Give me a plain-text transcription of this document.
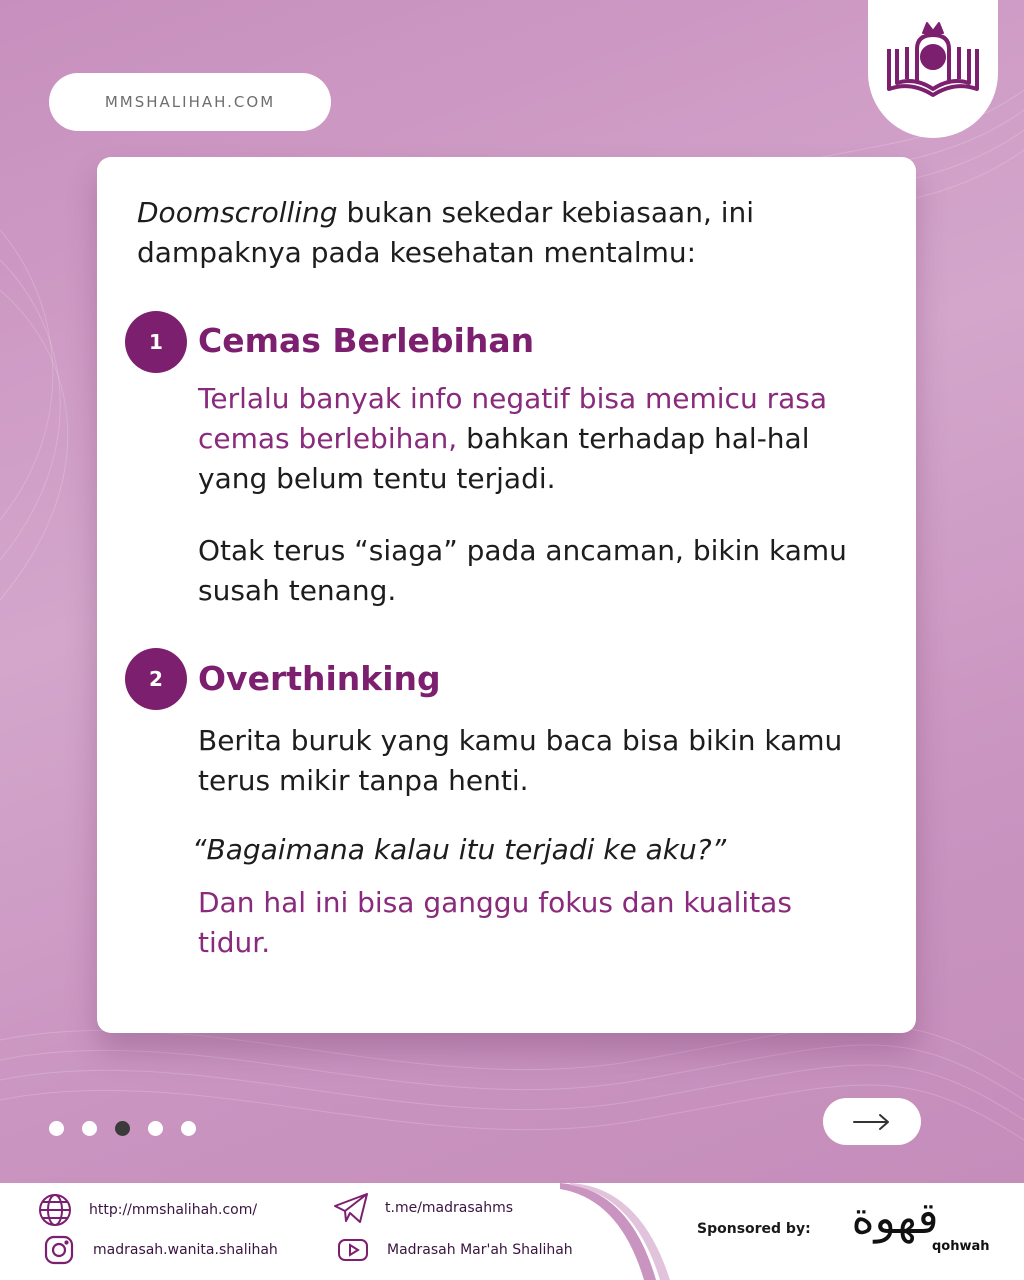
MMSHALIHAH.COM

Doomscrolling bukan sekedar kebiasaan, ini dampaknya pada kesehatan mentalmu:

1 Cemas Berlebihan

Terlalu banyak info negatif bisa memicu rasa cemas berlebihan, bahkan terhadap hal-hal yang belum tentu terjadi.

Otak terus “siaga” pada ancaman, bikin kamu susah tenang.

2 Overthinking

Berita buruk yang kamu baca bisa bikin kamu terus mikir tanpa henti.

“Bagaimana kalau itu terjadi ke aku?”

Dan hal ini bisa ganggu fokus dan kualitas tidur.

http://mmshalihah.com/	t.me/madrasahms
madrasah.wanita.shalihah	Madrasah Mar'ah Shalihah
Sponsored by: قهوة
qohwah
